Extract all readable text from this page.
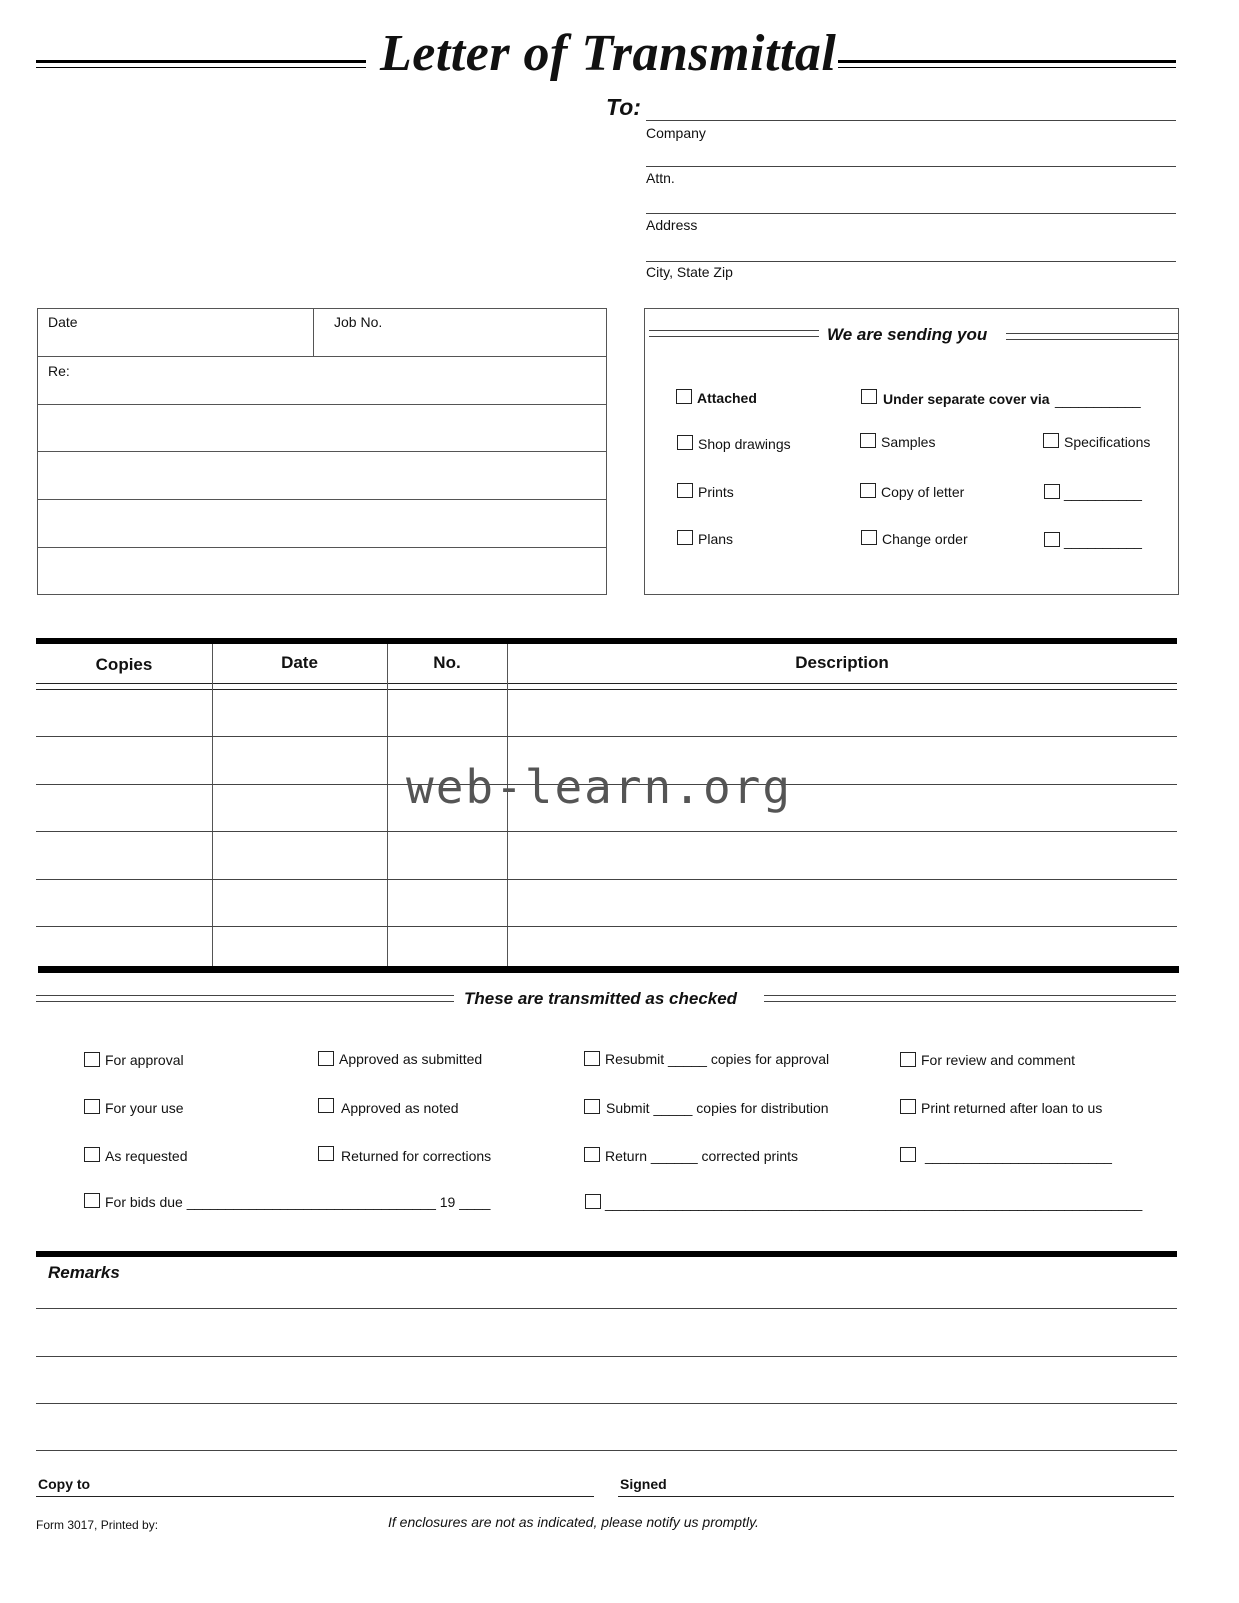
Letter of Transmittal
To:
Company
Attn.
Address
City, State Zip
Date	Job No.
Re:
We are sending you
Attached	Under separate cover via ___________
Shop drawings	Samples	Specifications
Prints	Copy of letter	__________
Plans	Change order	__________
Copies	Date	No.	Description
web-learn.org
These are transmitted as checked
For approval	Approved as submitted	Resubmit _____ copies for approval	For review and comment
For your use	Approved as noted	Submit _____ copies for distribution	Print returned after loan to us
As requested	Returned for corrections	Return ______ corrected prints	________________________
For bids due ________________________________ 19 ____	_____________________________________________________________________
Remarks
Copy to	Signed
Form 3017, Printed by:	If enclosures are not as indicated, please notify us promptly.
